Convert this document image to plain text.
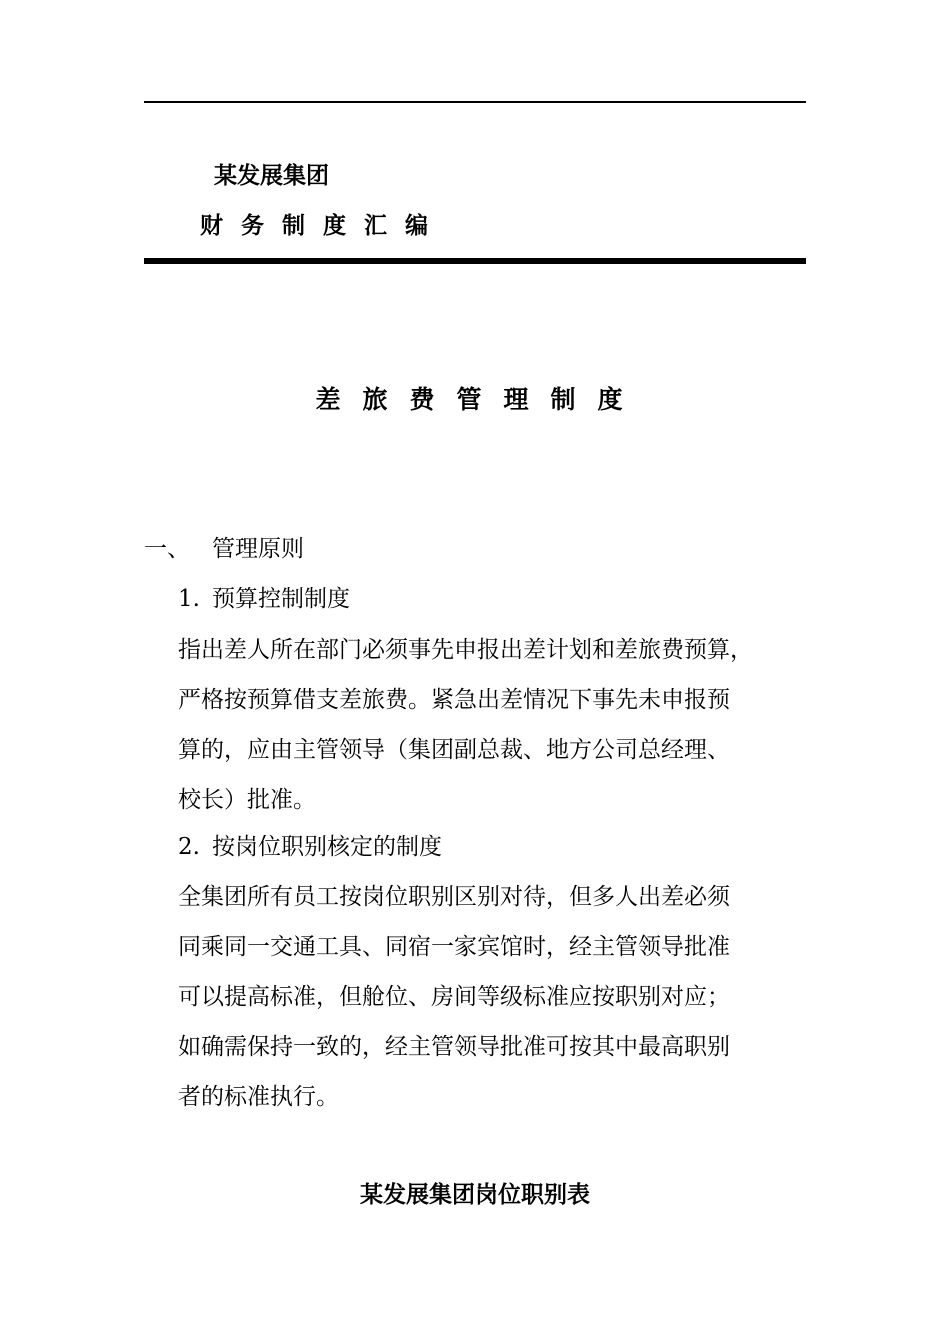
某发展集团
财务制度汇编
差旅费管理制度
一、 管理原则
1. 预算控制制度
指出差人所在部门必须事先申报出差计划和差旅费预算，
严格按预算借支差旅费。紧急出差情况下事先未申报预
算的，应由主管领导（集团副总裁、地方公司总经理、
校长）批准。
2. 按岗位职别核定的制度
全集团所有员工按岗位职别区别对待，但多人出差必须
同乘同一交通工具、同宿一家宾馆时，经主管领导批准
可以提高标准，但舱位、房间等级标准应按职别对应；
如确需保持一致的，经主管领导批准可按其中最高职别
者的标准执行。
某发展集团岗位职别表
